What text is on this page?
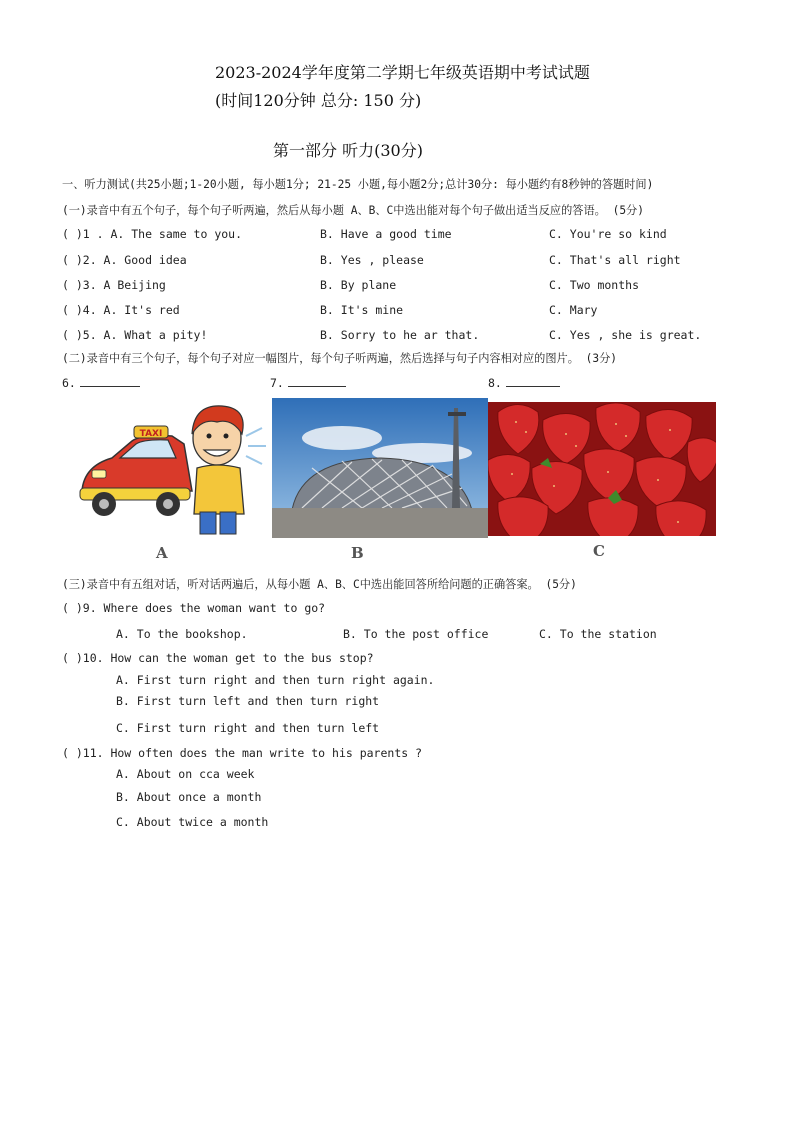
2023-2024学年度第二学期七年级英语期中考试试题
(时间120分钟 总分: 150 分)
第一部分 听力(30分)
一、听力测试(共25小题;1-20小题, 每小题1分; 21-25 小题,每小题2分;总计30分: 每小题约有8秒钟的答题时间)
(一)录音中有五个句子，每个句子听两遍，然后从每小题 A、B、C中选出能对每个句子做出适当反应的答语。 (5分)
( )1 . A. The same to you.	B. Have a good time	C. You're so kind
( )2. A. Good idea	B. Yes , please	C. That's all right
( )3. A Beijing	B. By plane	C. Two months
( )4. A. It's red	B. It's mine	C. Mary
( )5. A. What a pity!	B. Sorry to he ar that.	C. Yes , she is great.
(二)录音中有三个句子，每个句子对应一幅图片，每个句子听两遍，然后选择与句子内容相对应的图片。 (3分)
6.	7.	8.
TAXI
A	B	C
(三)录音中有五组对话，听对话两遍后，从每小题 A、B、C中选出能回答所给问题的正确答案。 (5分)
( )9. Where does the woman want to go?
A. To the bookshop.	B. To the post office	C. To the station
( )10. How can the woman get to the bus stop?
A. First turn right and then turn right again.
B. First turn left and then turn right
C. First turn right and then turn left
( )11. How often does the man write to his parents ?
A. About on cca week
B. About once a month
C. About twice a month
